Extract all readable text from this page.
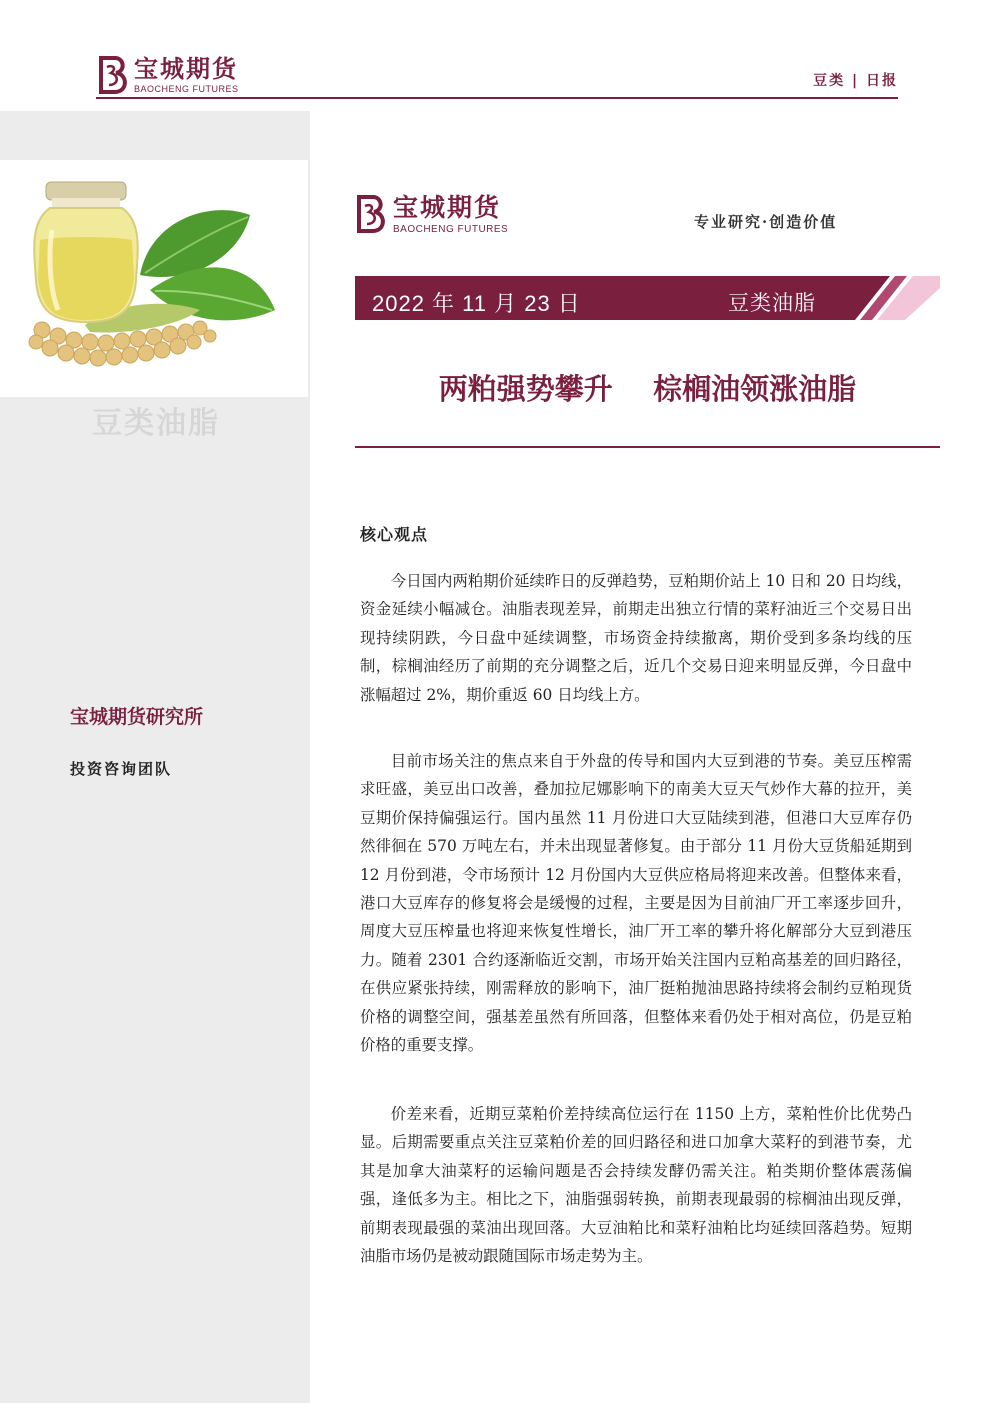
宝城期货
BAOCHENG FUTURES	豆类 | 日报
豆类油脂
宝城期货研究所
投资咨询团队
宝城期货
BAOCHENG FUTURES	专业研究·创造价值
2022 年 11 月 23 日	豆类油脂
两粕强势攀升    棕榈油领涨油脂
核心观点

今日国内两粕期价延续昨日的反弹趋势，豆粕期价站上 10 日和 20 日均线，资金延续小幅减仓。油脂表现差异，前期走出独立行情的菜籽油近三个交易日出现持续阴跌，今日盘中延续调整，市场资金持续撤离，期价受到多条均线的压制，棕榈油经历了前期的充分调整之后，近几个交易日迎来明显反弹，今日盘中涨幅超过 2%，期价重返 60 日均线上方。

目前市场关注的焦点来自于外盘的传导和国内大豆到港的节奏。美豆压榨需求旺盛，美豆出口改善，叠加拉尼娜影响下的南美大豆天气炒作大幕的拉开，美豆期价保持偏强运行。国内虽然 11 月份进口大豆陆续到港，但港口大豆库存仍然徘徊在 570 万吨左右，并未出现显著修复。由于部分 11 月份大豆货船延期到 12 月份到港，令市场预计 12 月份国内大豆供应格局将迎来改善。但整体来看，港口大豆库存的修复将会是缓慢的过程，主要是因为目前油厂开工率逐步回升，周度大豆压榨量也将迎来恢复性增长，油厂开工率的攀升将化解部分大豆到港压力。随着 2301 合约逐渐临近交割，市场开始关注国内豆粕高基差的回归路径，在供应紧张持续，刚需释放的影响下，油厂挺粕抛油思路持续将会制约豆粕现货价格的调整空间，强基差虽然有所回落，但整体来看仍处于相对高位，仍是豆粕价格的重要支撑。

价差来看，近期豆菜粕价差持续高位运行在 1150 上方，菜粕性价比优势凸显。后期需要重点关注豆菜粕价差的回归路径和进口加拿大菜籽的到港节奏，尤其是加拿大油菜籽的运输问题是否会持续发酵仍需关注。粕类期价整体震荡偏强，逢低多为主。相比之下，油脂强弱转换，前期表现最弱的棕榈油出现反弹，前期表现最强的菜油出现回落。大豆油粕比和菜籽油粕比均延续回落趋势。短期油脂市场仍是被动跟随国际市场走势为主。
